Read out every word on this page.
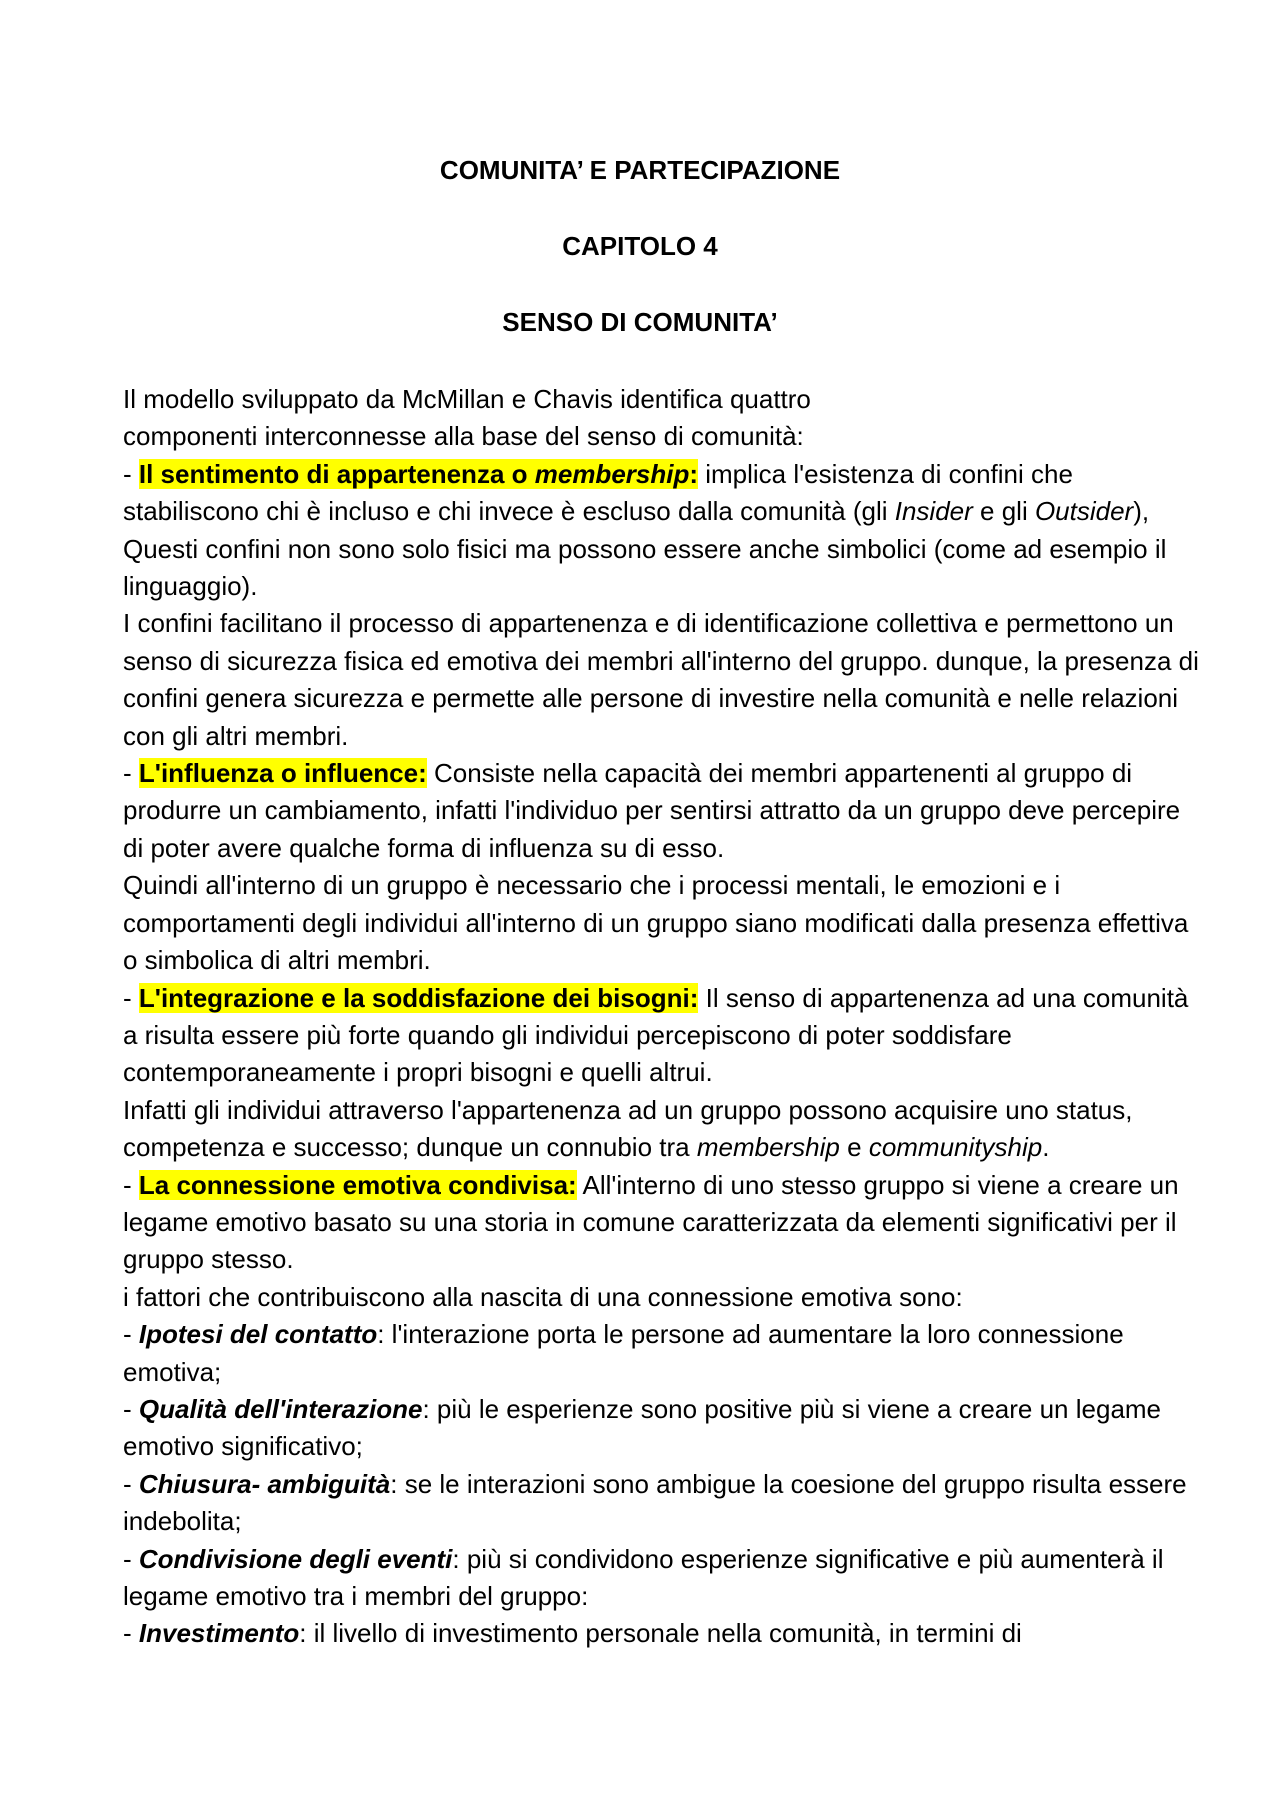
COMUNITA’ E PARTECIPAZIONE
CAPITOLO 4
SENSO DI COMUNITA’

Il modello sviluppato da McMillan e Chavis identifica quattro
componenti interconnesse alla base del senso di comunità:

- Il sentimento di appartenenza o membership: implica l'esistenza di confini che stabiliscono chi è incluso e chi invece è escluso dalla comunità (gli Insider e gli Outsider), Questi confini non sono solo fisici ma possono essere anche simbolici (come ad esempio il linguaggio).

I confini facilitano il processo di appartenenza e di identificazione collettiva e permettono un senso di sicurezza fisica ed emotiva dei membri all'interno del gruppo. dunque, la presenza di confini genera sicurezza e permette alle persone di investire nella comunità e nelle relazioni con gli altri membri.

- L'influenza o influence: Consiste nella capacità dei membri appartenenti al gruppo di produrre un cambiamento, infatti l'individuo per sentirsi attratto da un gruppo deve percepire di poter avere qualche forma di influenza su di esso.

Quindi all'interno di un gruppo è necessario che i processi mentali, le emozioni e i comportamenti degli individui all'interno di un gruppo siano modificati dalla presenza effettiva o simbolica di altri membri.

- L'integrazione e la soddisfazione dei bisogni: Il senso di appartenenza ad una comunità a risulta essere più forte quando gli individui percepiscono di poter soddisfare contemporaneamente i propri bisogni e quelli altrui.

Infatti gli individui attraverso l'appartenenza ad un gruppo possono acquisire uno status, competenza e successo; dunque un connubio tra membership e communityship.

- La connessione emotiva condivisa: All'interno di uno stesso gruppo si viene a creare un legame emotivo basato su una storia in comune caratterizzata da elementi significativi per il gruppo stesso.

i fattori che contribuiscono alla nascita di una connessione emotiva sono:

- Ipotesi del contatto: l'interazione porta le persone ad aumentare la loro connessione emotiva;

- Qualità dell'interazione: più le esperienze sono positive più si viene a creare un legame emotivo significativo;

- Chiusura- ambiguità: se le interazioni sono ambigue la coesione del gruppo risulta essere indebolita;

- Condivisione degli eventi: più si condividono esperienze significative e più aumenterà il legame emotivo tra i membri del gruppo:

- Investimento: il livello di investimento personale nella comunità, in termini di
